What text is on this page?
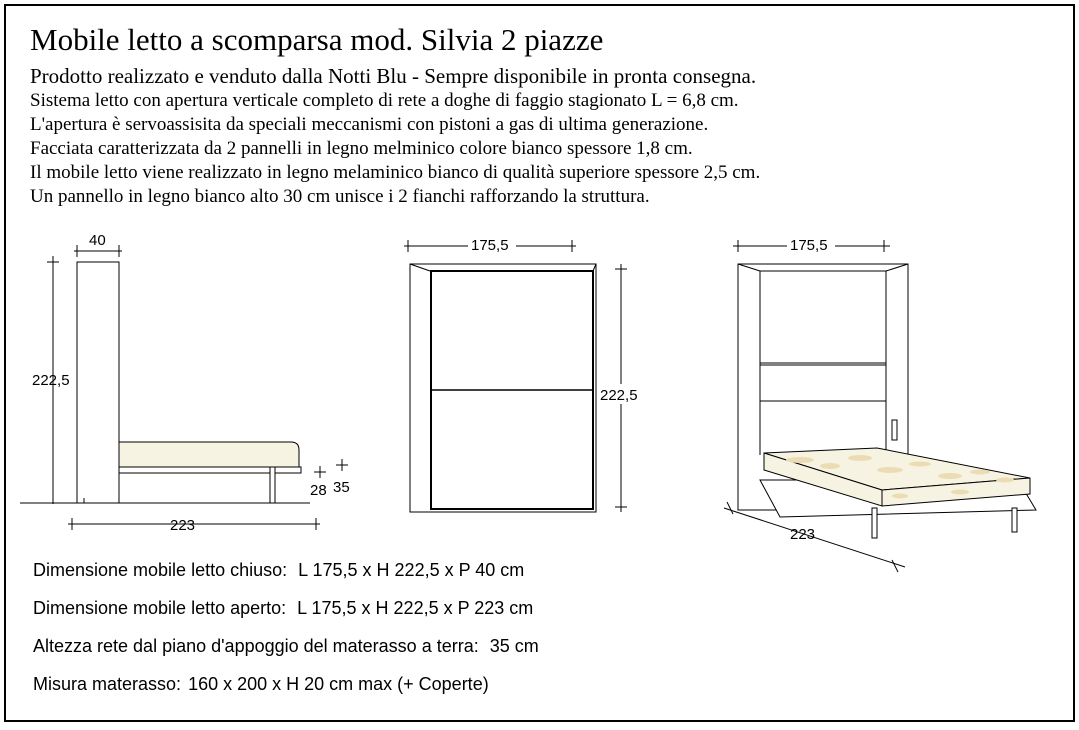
Mobile letto a scomparsa mod. Silvia 2 piazze
Prodotto realizzato e venduto dalla Notti Blu - Sempre disponibile in pronta consegna.
Sistema letto con apertura verticale completo di rete a doghe di faggio stagionato L = 6,8 cm.
L'apertura è servoassisita da speciali meccanismi con pistoni a gas di ultima generazione.
Facciata caratterizzata da 2 pannelli in legno melminico colore bianco spessore 1,8 cm.
Il mobile letto viene realizzato in legno melaminico bianco di qualità superiore spessore 2,5 cm.
Un pannello in legno bianco alto 30 cm unisce i 2 fianchi rafforzando la struttura.
40
222,5
223
28 35
175,5
222,5
175,5
223
Dimensione mobile letto chiuso: L 175,5 x H 222,5 x P 40 cm
Dimensione mobile letto aperto: L 175,5 x H 222,5 x P 223 cm
Altezza rete dal piano d'appoggio del materasso a terra: 35 cm
Misura materasso: 160 x 200 x H 20 cm max (+ Coperte)
